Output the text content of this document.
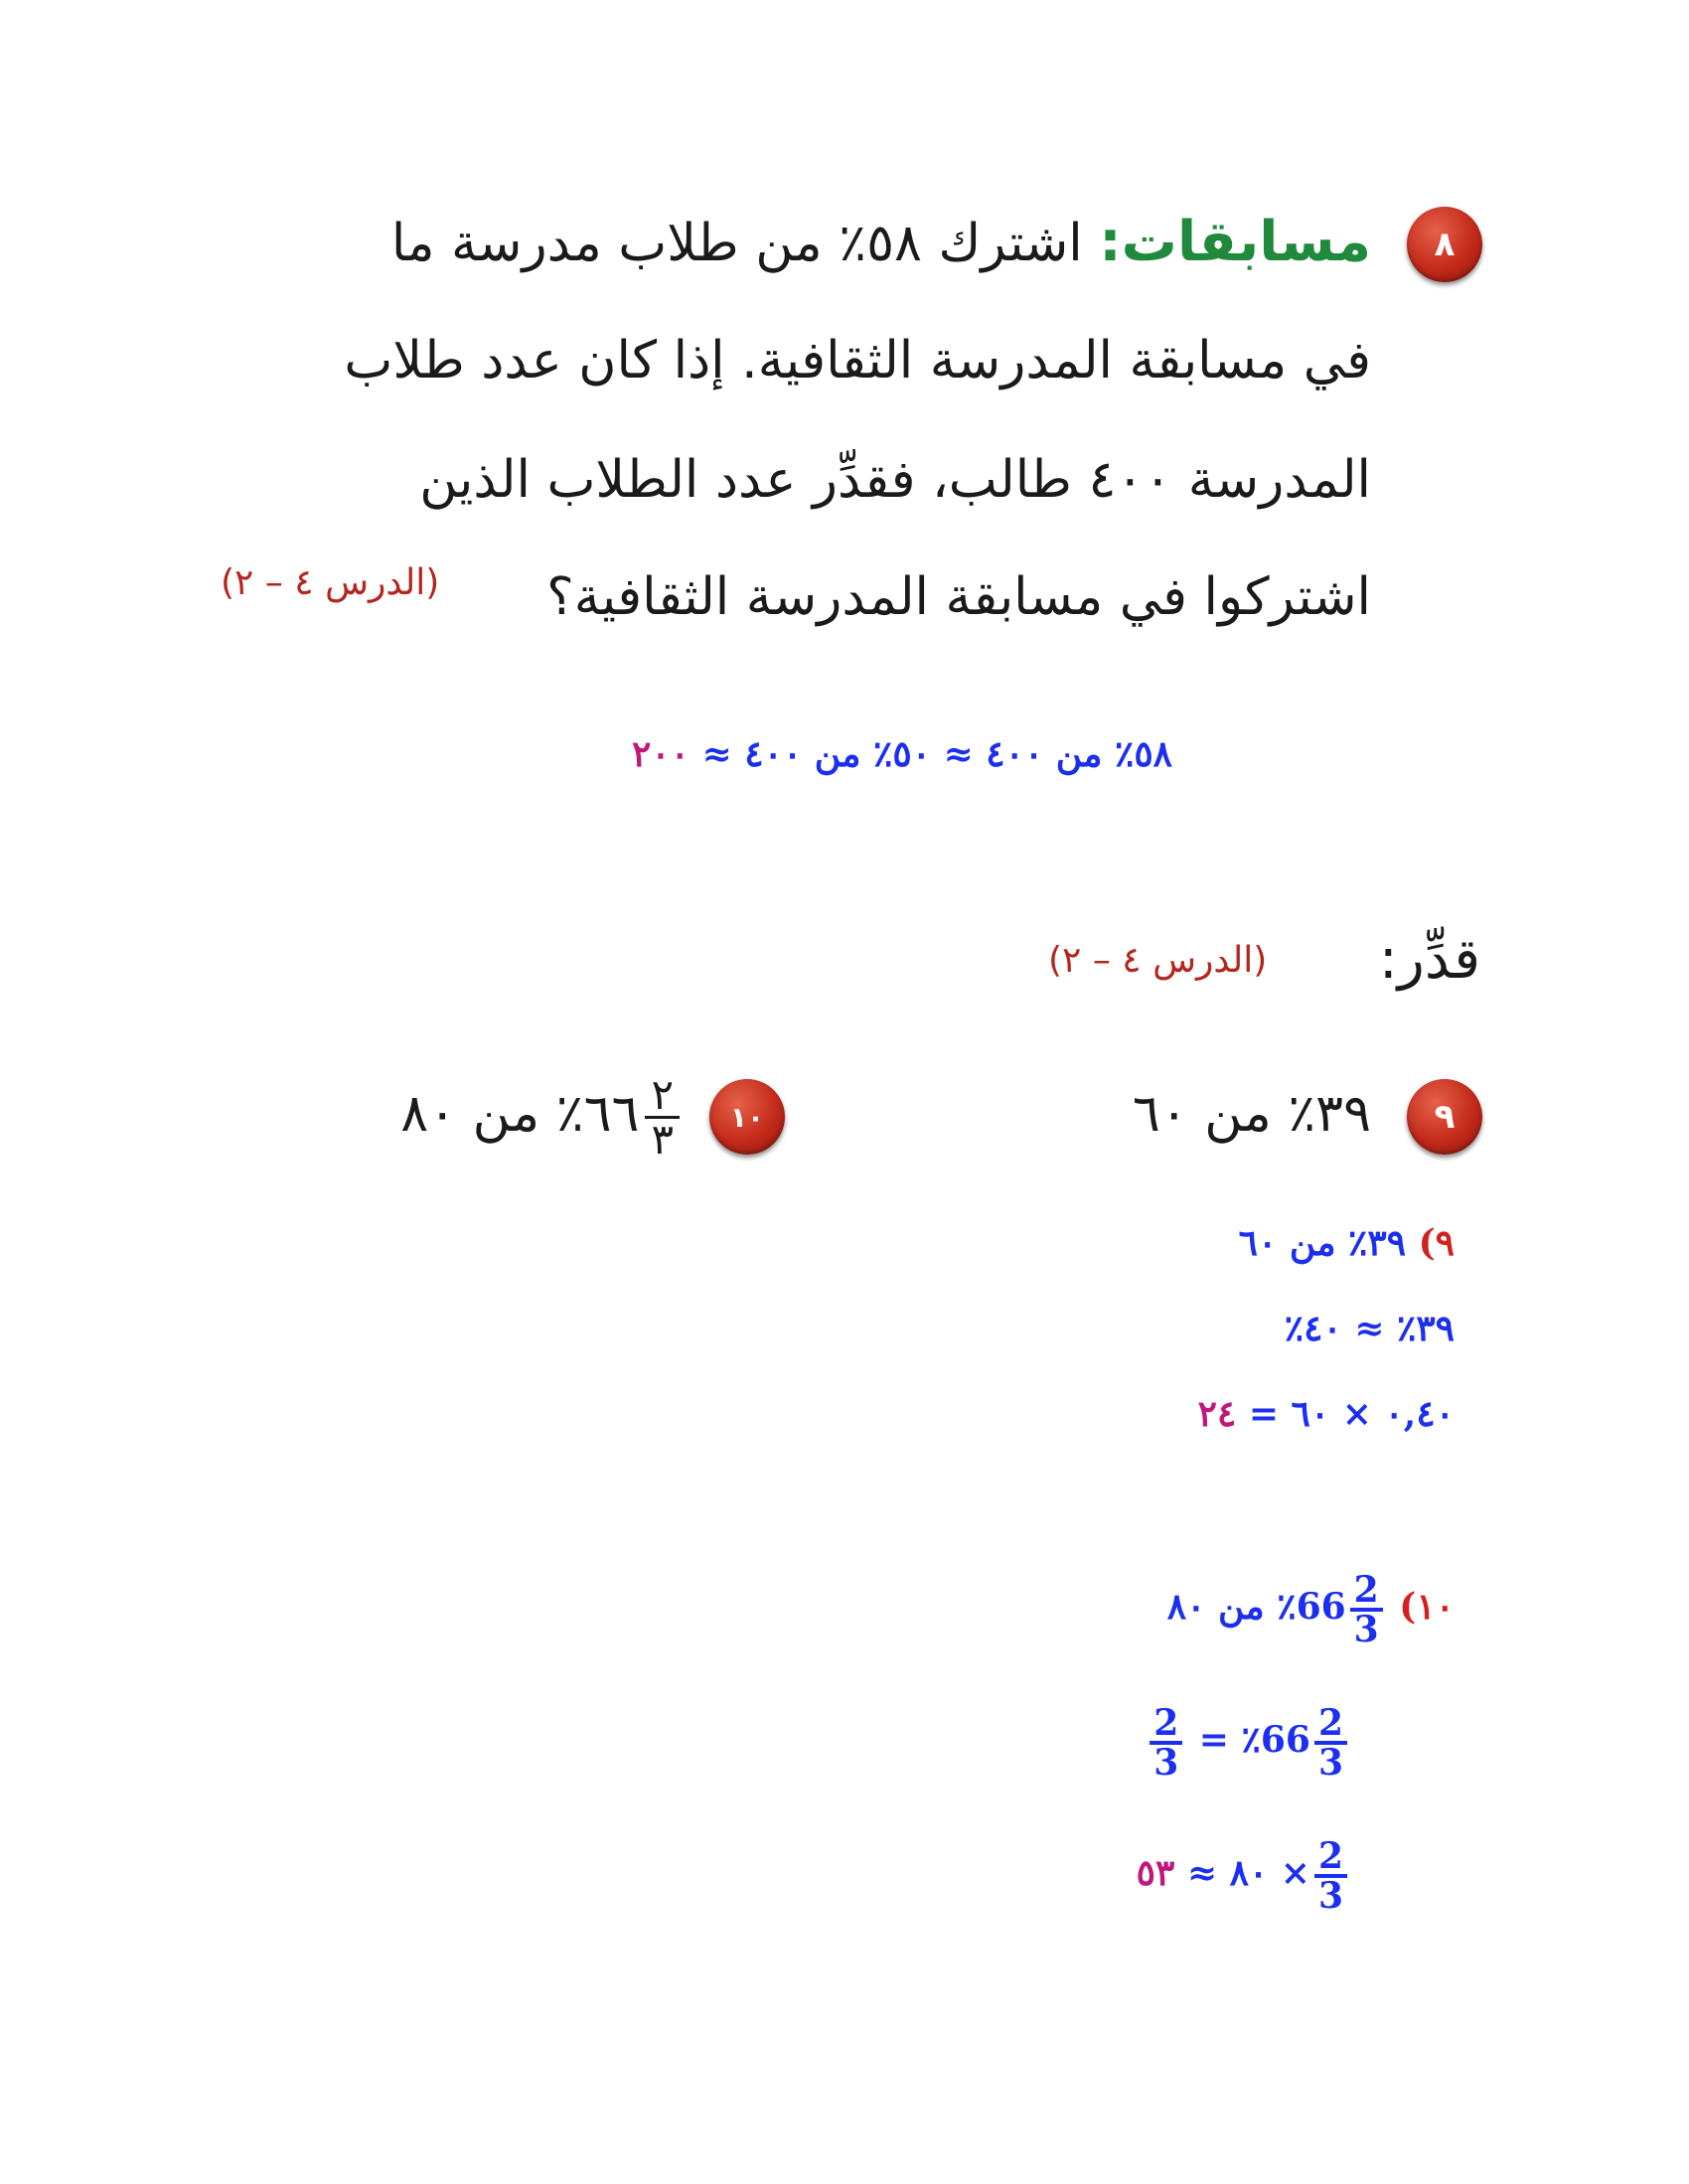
٨
مسابقات: اشترك ٥٨٪ من طلاب مدرسة ما
في مسابقة المدرسة الثقافية. إذا كان عدد طلاب
المدرسة ٤٠٠ طالب، فقدِّر عدد الطلاب الذين
اشتركوا في مسابقة المدرسة الثقافية؟
(الدرس ٤ – ٢)
٥٨٪ من ٤٠٠ ≈ ٥٠٪ من ٤٠٠ ≈ ٢٠٠
قدِّر:
(الدرس ٤ – ٢)
٩
٣٩٪ من ٦٠
١٠
$\frac{٢}{٣}$
٦٦٪ من ٨٠
٩) ٣٩٪ من ٦٠
٣٩٪ ≈ ٤٠٪
٠,٤٠ × ٦٠ = ٢٤
١٠) $66 \frac{2}{3}$
٪ من ٨٠
$66 \frac{2}{3}$
٪ =
$\frac{2}{3}$
$\frac{2}{3}$
× ٨٠ ≈ ٥٣
